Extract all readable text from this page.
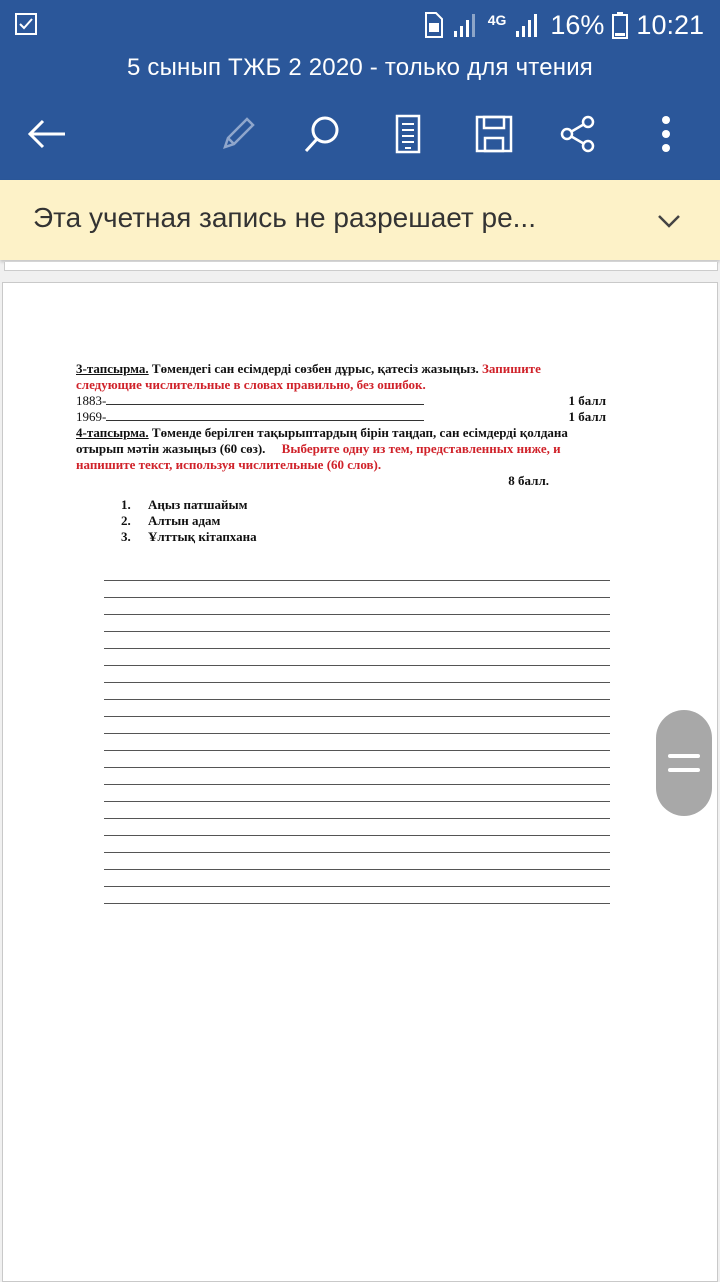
4G 16% 10:21
5 сынып ТЖБ 2 2020 - только для чтения
Эта учетная запись не разрешает ре...
3-тапсырма. Төмендегі сан есімдерді сөзбен дұрыс, қатесіз жазыңыз. Запишите следующие числительные в словах правильно, без ошибок.
1883-	1 балл
1969-	1 балл
4-тапсырма. Төменде берілген тақырыптардың бірін таңдап, сан есімдерді қолдана отырып мәтін жазыңыз (60 сөз). Выберите одну из тем, представленных ниже, и напишите текст, используя числительные (60 слов).
8 балл.
1. Аңыз патшайым
2. Алтын адам
3. Ұлттық кітапхана
